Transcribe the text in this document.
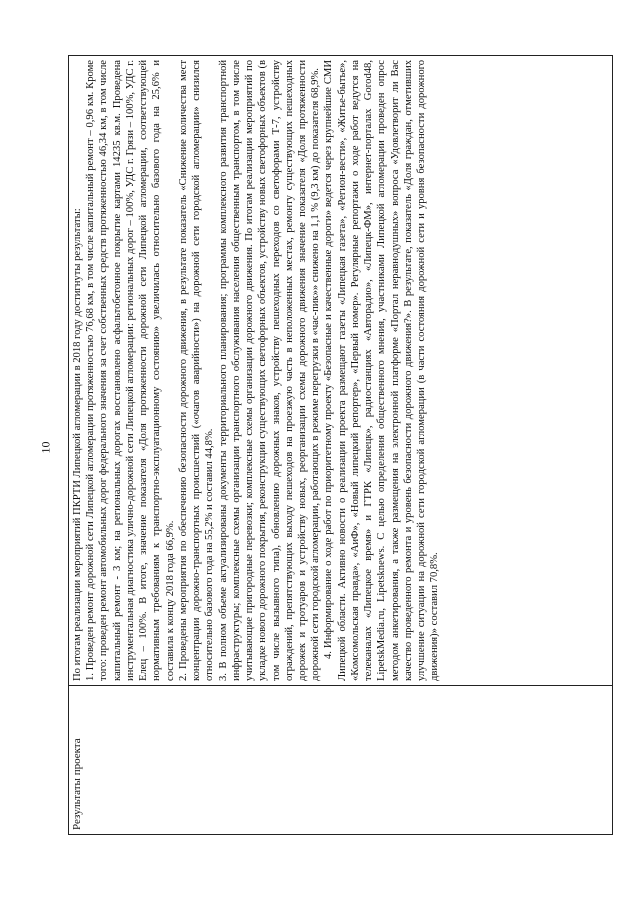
10
Результаты проекта	

По итогам реализации мероприятий ПКРТИ Липецкой агломерации в 2018 году достигнуты результаты: 1. Проведен ремонт дорожной сети Липецкой агломерации протяженностью 76,68 км, в том числе капитальный ремонт – 0,96 км. Кроме того: проведен ремонт автомобильных дорог федерального значения за счет собственных средств протяженностью 46,34 км, в том числе капитальный ремонт - 3 км; на региональных дорогах восстановлено асфальтобетонное покрытие картами 14235 кв.м. Проведена инструментальная диагностика улично-дорожной сети Липецкой агломерации: региональных дорог – 100%, УДС г. Грязи – 100%, УДС г. Елец – 100%. В итоге, значение показателя «Доля протяженности дорожной сети Липецкой агломерации, соответствующей нормативным требованиям к транспортно-эксплуатационному состоянию» увеличилась относительно базового года на 25,6% и составила к концу 2018 года 66,9%. 2. Проведены мероприятия по обеспечению безопасности дорожного движения, в результате показатель «Снижение количества мест концентрации дорожно-транспортных происшествий («очагов аварийности») на дорожной сети городской агломерации» снизился относительно базового года на 55,2% и составил 44,8%. 3. В полном объеме актуализированы документы территориального планирования; программы комплексного развития транспортной инфраструктуры; комплексные схемы организации транспортного обслуживания населения общественным транспортом, в том числе учитывающие пригородные перевозки; комплексные схемы организации дорожного движения. По итогам реализации мероприятий по укладке нового дорожного покрытия, реконструкции существующих светофорных объектов, устройству новых светофорных объектов (в том числе вызывного типа), обновлению дорожных знаков, устройству пешеходных переходов со светофорами Т-7, устройству ограждений, препятствующих выходу пешеходов на проезжую часть в неположенных местах, ремонту существующих пешеходных дорожек и тротуаров и устройству новых, реорганизации схемы дорожного движения значение показателя «Доля протяженности дорожной сети городской агломерации, работающих в режиме перегрузки в «час-пик»» снижено на 1,1 % (9,3 км) до показателя 68,9%. 4. Информирование о ходе работ по приоритетному проекту «Безопасные и качественные дороги» ведется через крупнейшие СМИ Липецкой области. Активно новости о реализации проекта размещают газеты «Липецкая газета», «Регион-вести», «Житье-бытье», «Комсомольская правда», «АиФ», «Новый липецкий репортер», «Первый номер». Регулярные репортажи о ходе работ ведутся на телеканалах «Липецкое время» и ГТРК «Липецк», радиостанциях «Авторадио», «Липецк-ФМ», интернет-порталах Gorod48, LipetskMedia.ru, Lipetsknews. С целью определения общественного мнения, участниками Липецкой агломерации проведен опрос методом анкетирования, а также размещения на электронной платформе «Портал неравнодушных» вопроса «Удовлетворит ли Вас качество проведенного ремонта и уровень безопасности дорожного движения?». В результате, показатель «Доля граждан, отметивших улучшение ситуации на дорожной сети городской агломерации (в части состояния дорожной сети и уровня безопасности дорожного движения)» составил 70,8%.
